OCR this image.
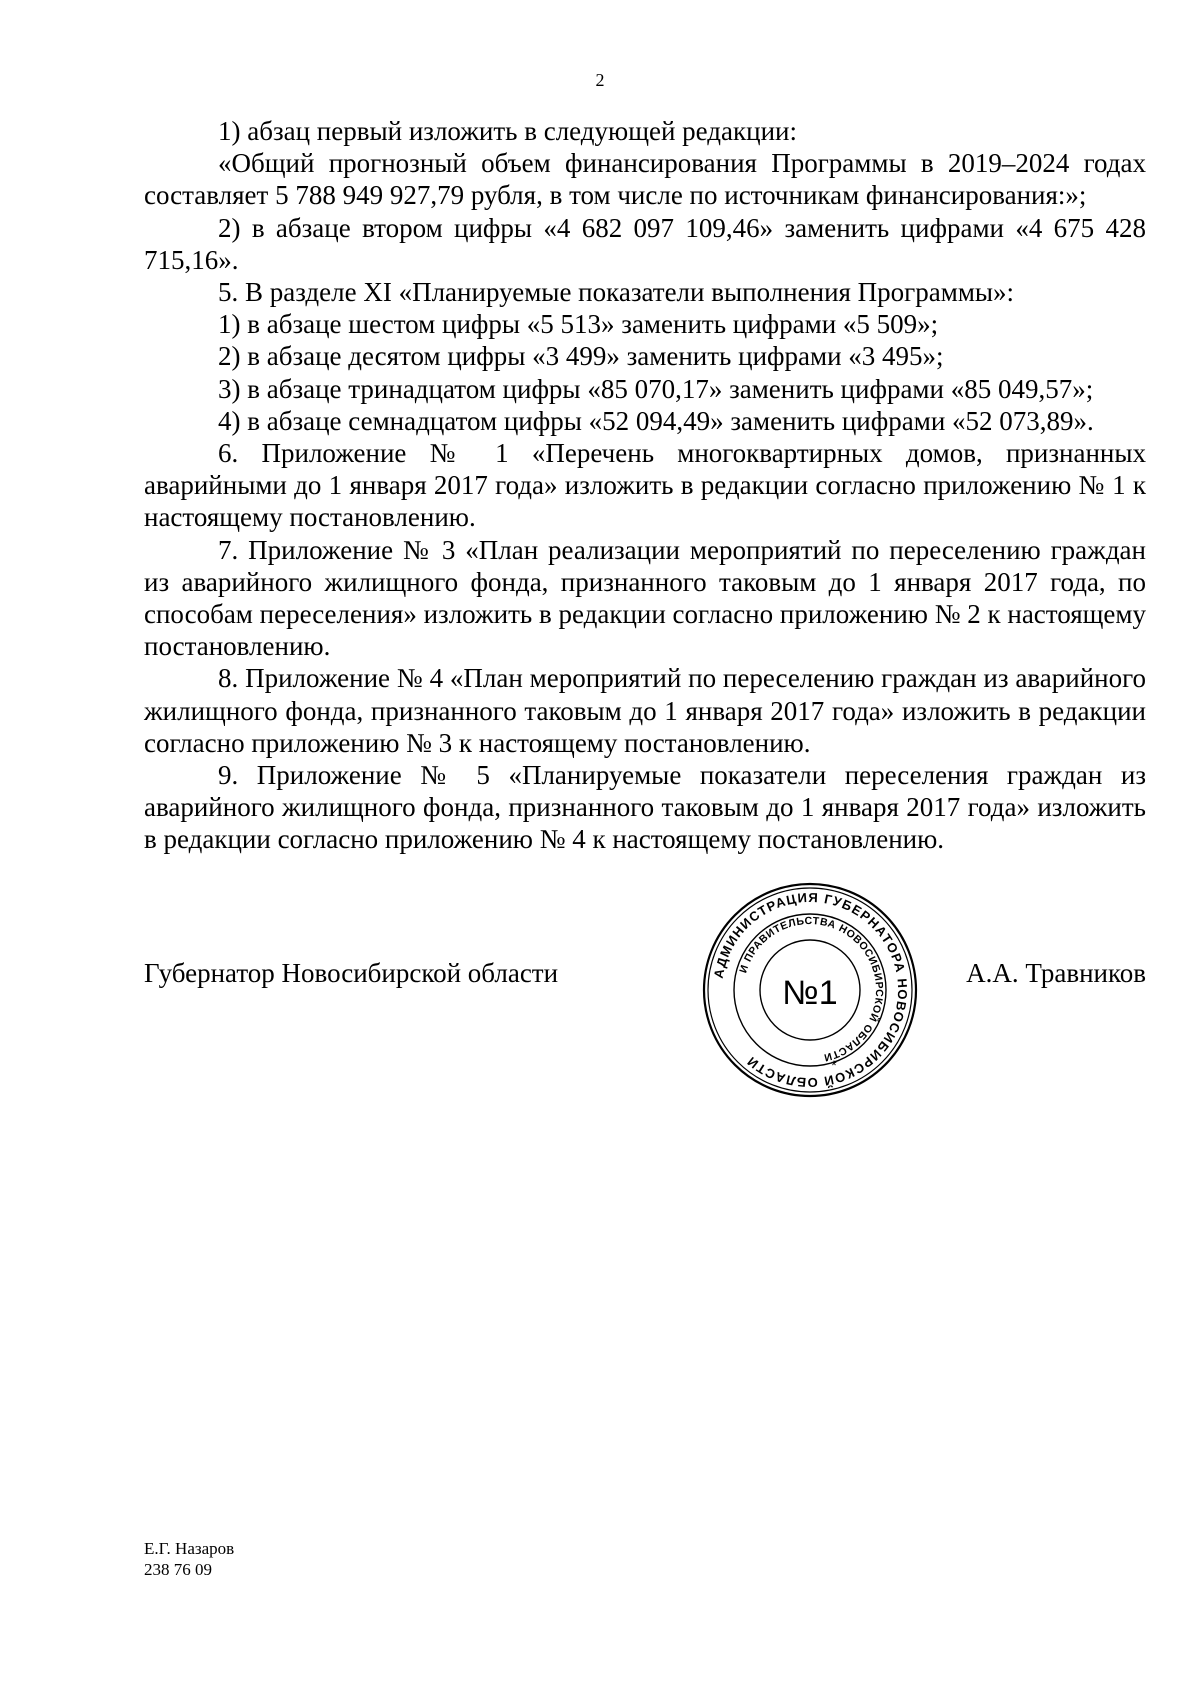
2

1) абзац первый изложить в следующей редакции:

«Общий прогнозный объем финансирования Программы в 2019–2024 годах составляет 5 788 949 927,79 рубля, в том числе по источникам финансирования:»;

2) в абзаце втором цифры «4 682 097 109,46» заменить цифрами «4 675 428 715,16».

5. В разделе XI «Планируемые показатели выполнения Программы»:

1) в абзаце шестом цифры «5 513» заменить цифрами «5 509»;

2) в абзаце десятом цифры «3 499» заменить цифрами «3 495»;

3) в абзаце тринадцатом цифры «85 070,17» заменить цифрами «85 049,57»;

4) в абзаце семнадцатом цифры «52 094,49» заменить цифрами «52 073,89».

6. Приложение № 1 «Перечень многоквартирных домов, признанных аварийными до 1 января 2017 года» изложить в редакции согласно приложению № 1 к настоящему постановлению.

7. Приложение № 3 «План реализации мероприятий по переселению граждан из аварийного жилищного фонда, признанного таковым до 1 января 2017 года, по способам переселения» изложить в редакции согласно приложению № 2 к настоящему постановлению.

8. Приложение № 4 «План мероприятий по переселению граждан из аварийного жилищного фонда, признанного таковым до 1 января 2017 года» изложить в редакции согласно приложению № 3 к настоящему постановлению.

9. Приложение № 5 «Планируемые показатели переселения граждан из аварийного жилищного фонда, признанного таковым до 1 января 2017 года» изложить в редакции согласно приложению № 4 к настоящему постановлению.

Губернатор Новосибирской области	А.А. Травников
АДМИНИСТРАЦИЯ ГУБЕРНАТОРА НОВОСИБИРСКОЙ ОБЛАСТИ
И ПРАВИТЕЛЬСТВА НОВОСИБИРСКОЙ ОБЛАСТИ
№1
*
Е.Г. Назаров
238 76 09
